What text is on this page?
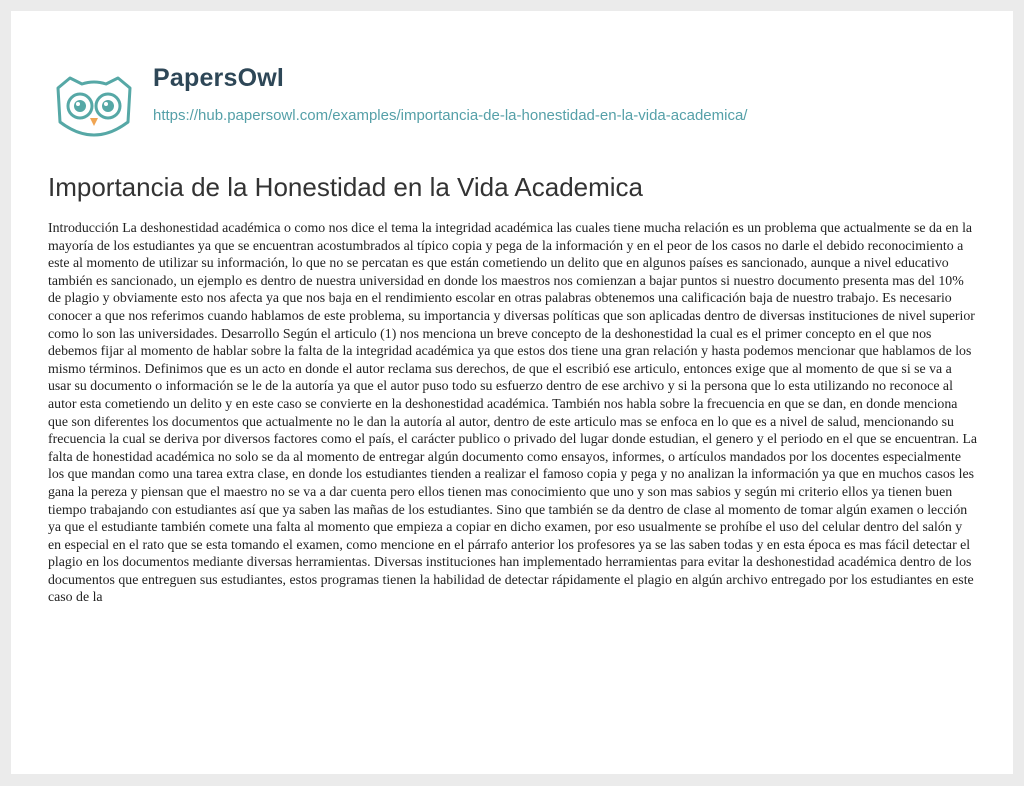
PapersOwl
https://hub.papersowl.com/examples/importancia-de-la-honestidad-en-la-vida-academica/
Importancia de la Honestidad en la Vida Academica
Introducción La deshonestidad académica o como nos dice el tema la integridad académica las cuales tiene mucha relación es un problema que actualmente se da en la mayoría de los estudiantes ya que se encuentran acostumbrados al típico copia y pega de la información y en el peor de los casos no darle el debido reconocimiento a este al momento de utilizar su información, lo que no se percatan es que están cometiendo un delito que en algunos países es sancionado, aunque a nivel educativo también es sancionado, un ejemplo es dentro de nuestra universidad en donde los maestros nos comienzan a bajar puntos si nuestro documento presenta mas del 10% de plagio y obviamente esto nos afecta ya que nos baja en el rendimiento escolar en otras palabras obtenemos una calificación baja de nuestro trabajo. Es necesario conocer a que nos referimos cuando hablamos de este problema, su importancia y diversas políticas que son aplicadas dentro de diversas instituciones de nivel superior como lo son las universidades. Desarrollo Según el articulo (1) nos menciona un breve concepto de la deshonestidad la cual es el primer concepto en el que nos debemos fijar al momento de hablar sobre la falta de la integridad académica ya que estos dos tiene una gran relación y hasta podemos mencionar que hablamos de los mismo términos. Definimos que es un acto en donde el autor reclama sus derechos, de que el escribió ese articulo, entonces exige que al momento de que si se va a usar su documento o información se le de la autoría ya que el autor puso todo su esfuerzo dentro de ese archivo y si la persona que lo esta utilizando no reconoce al autor esta cometiendo un delito y en este caso se convierte en la deshonestidad académica. También nos habla sobre la frecuencia en que se dan, en donde menciona que son diferentes los documentos que actualmente no le dan la autoría al autor, dentro de este articulo mas se enfoca en lo que es a nivel de salud, mencionando su frecuencia la cual se deriva por diversos factores como el país, el carácter publico o privado del lugar donde estudian, el genero y el periodo en el que se encuentran. La falta de honestidad académica no solo se da al momento de entregar algún documento como ensayos, informes, o artículos mandados por los docentes especialmente los que mandan como una tarea extra clase, en donde los estudiantes tienden a realizar el famoso copia y pega y no analizan la información ya que en muchos casos les gana la pereza y piensan que el maestro no se va a dar cuenta pero ellos tienen mas conocimiento que uno y son mas sabios y según mi criterio ellos ya tienen buen tiempo trabajando con estudiantes así que ya saben las mañas de los estudiantes. Sino que también se da dentro de clase al momento de tomar algún examen o lección ya que el estudiante también comete una falta al momento que empieza a copiar en dicho examen, por eso usualmente se prohíbe el uso del celular dentro del salón y en especial en el rato que se esta tomando el examen, como mencione en el párrafo anterior los profesores ya se las saben todas y en esta época es mas fácil detectar el plagio en los documentos mediante diversas herramientas. Diversas instituciones han implementado herramientas para evitar la deshonestidad académica dentro de los documentos que entreguen sus estudiantes, estos programas tienen la habilidad de detectar rápidamente el plagio en algún archivo entregado por los estudiantes en este caso de la
